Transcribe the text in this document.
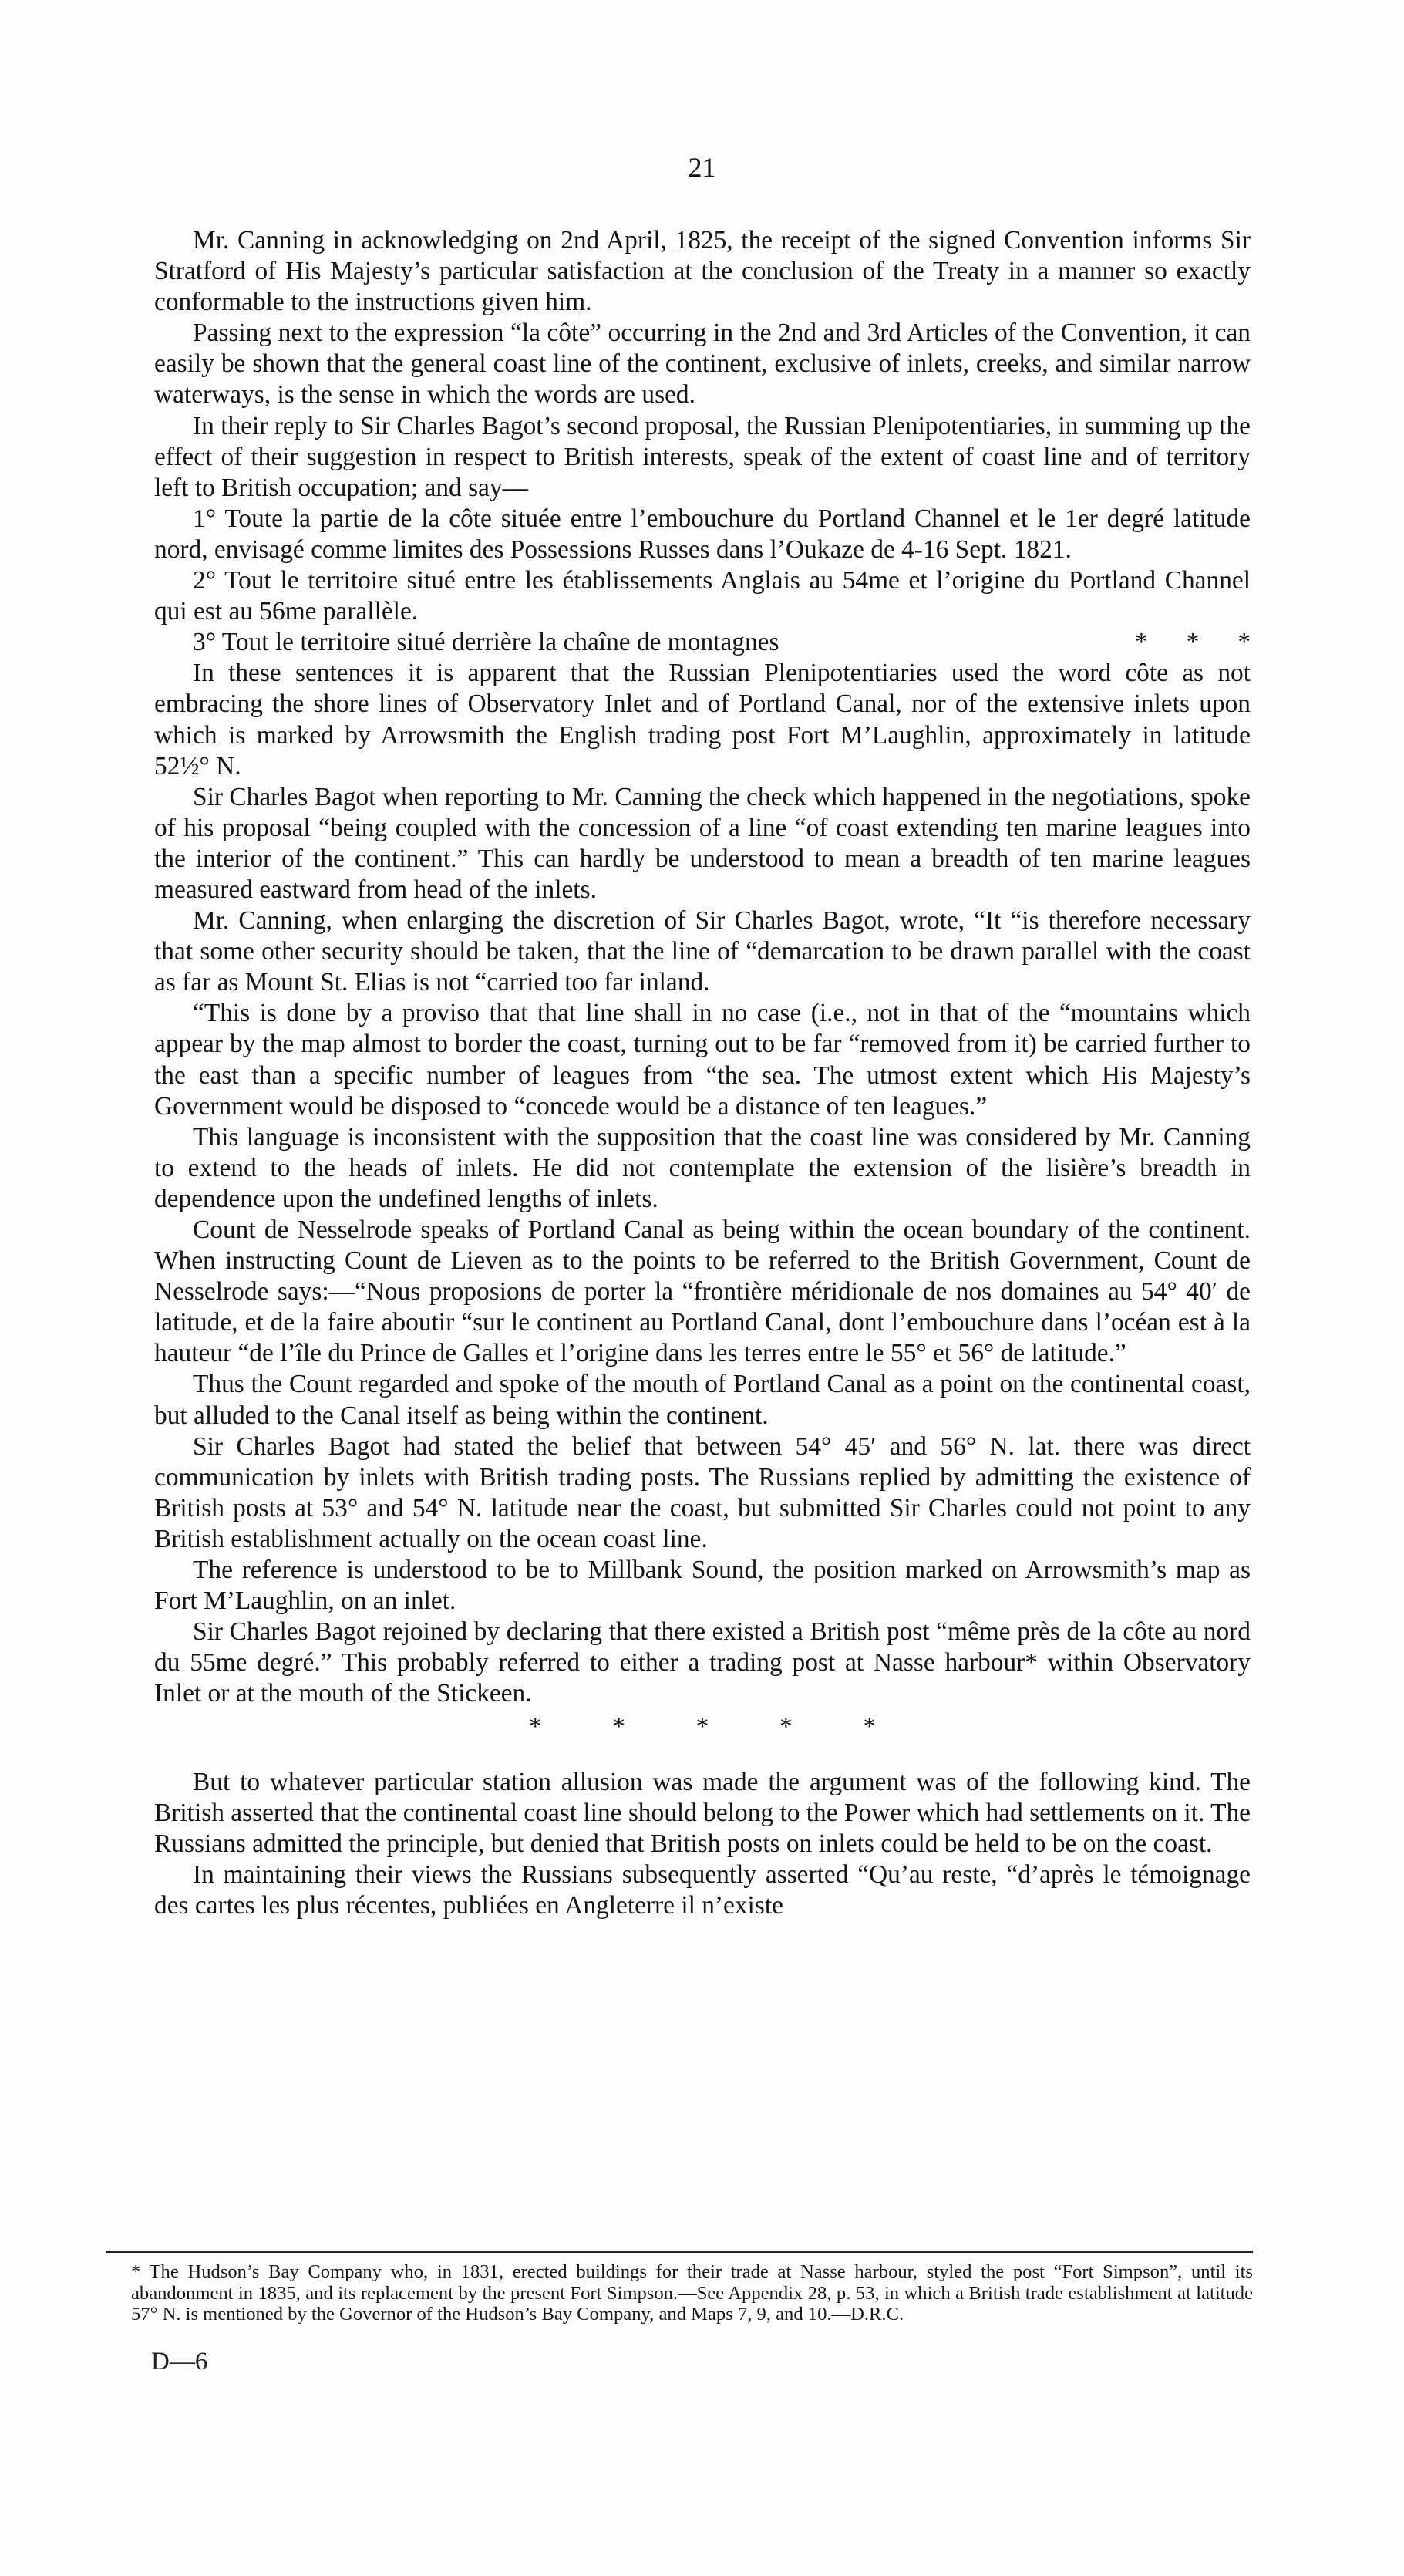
21

Mr. Canning in acknowledging on 2nd April, 1825, the receipt of the signed Convention informs Sir Stratford of His Majesty’s particular satisfaction at the conclusion of the Treaty in a manner so exactly conformable to the instructions given him.

Passing next to the expression “la côte” occurring in the 2nd and 3rd Articles of the Convention, it can easily be shown that the general coast line of the continent, exclusive of inlets, creeks, and similar narrow waterways, is the sense in which the words are used.

In their reply to Sir Charles Bagot’s second proposal, the Russian Plenipotentiaries, in summing up the effect of their suggestion in respect to British interests, speak of the extent of coast line and of territory left to British occupation; and say—

1° Toute la partie de la côte située entre l’embouchure du Portland Channel et le 1er degré latitude nord, envisagé comme limites des Possessions Russes dans l’Oukaze de 4-16 Sept. 1821.

2° Tout le territoire situé entre les établissements Anglais au 54me et l’origine du Portland Channel qui est au 56me parallèle.

*	*	*
3° Tout le territoire situé derrière la chaîne de montagnes

In these sentences it is apparent that the Russian Plenipotentiaries used the word côte as not embracing the shore lines of Observatory Inlet and of Portland Canal, nor of the extensive inlets upon which is marked by Arrowsmith the English trading post Fort M’Laughlin, approximately in latitude 52½° N.

Sir Charles Bagot when reporting to Mr. Canning the check which happened in the negotiations, spoke of his proposal “being coupled with the concession of a line “of coast extending ten marine leagues into the interior of the continent.” This can hardly be understood to mean a breadth of ten marine leagues measured eastward from head of the inlets.

Mr. Canning, when enlarging the discretion of Sir Charles Bagot, wrote, “It “is therefore necessary that some other security should be taken, that the line of “demarcation to be drawn parallel with the coast as far as Mount St. Elias is not “carried too far inland.

“This is done by a proviso that that line shall in no case (i.e., not in that of the “mountains which appear by the map almost to border the coast, turning out to be far “removed from it) be carried further to the east than a specific number of leagues from “the sea. The utmost extent which His Majesty’s Government would be disposed to “concede would be a distance of ten leagues.”

This language is inconsistent with the supposition that the coast line was considered by Mr. Canning to extend to the heads of inlets. He did not contemplate the extension of the lisière’s breadth in dependence upon the undefined lengths of inlets.

Count de Nesselrode speaks of Portland Canal as being within the ocean boundary of the continent. When instructing Count de Lieven as to the points to be referred to the British Government, Count de Nesselrode says:—“Nous proposions de porter la “frontière méridionale de nos domaines au 54° 40′ de latitude, et de la faire aboutir “sur le continent au Portland Canal, dont l’embouchure dans l’océan est à la hauteur “de l’île du Prince de Galles et l’origine dans les terres entre le 55° et 56° de latitude.”

Thus the Count regarded and spoke of the mouth of Portland Canal as a point on the continental coast, but alluded to the Canal itself as being within the continent.

Sir Charles Bagot had stated the belief that between 54° 45′ and 56° N. lat. there was direct communication by inlets with British trading posts. The Russians replied by admitting the existence of British posts at 53° and 54° N. latitude near the coast, but submitted Sir Charles could not point to any British establishment actually on the ocean coast line.

The reference is understood to be to Millbank Sound, the position marked on Arrowsmith’s map as Fort M’Laughlin, on an inlet.

Sir Charles Bagot rejoined by declaring that there existed a British post “même près de la côte au nord du 55me degré.” This probably referred to either a trading post at Nasse harbour* within Observatory Inlet or at the mouth of the Stickeen.

*	*	*	*	*

But to whatever particular station allusion was made the argument was of the following kind. The British asserted that the continental coast line should belong to the Power which had settlements on it. The Russians admitted the principle, but denied that British posts on inlets could be held to be on the coast.

In maintaining their views the Russians subsequently asserted “Qu’au reste, “d’après le témoignage des cartes les plus récentes, publiées en Angleterre il n’existe

* The Hudson’s Bay Company who, in 1831, erected buildings for their trade at Nasse harbour, styled the post “Fort Simpson”, until its abandonment in 1835, and its replacement by the present Fort Simpson.—See Appendix 28, p. 53, in which a British trade establishment at latitude 57° N. is mentioned by the Governor of the Hudson’s Bay Company, and Maps 7, 9, and 10.—D.R.C.

D—6
